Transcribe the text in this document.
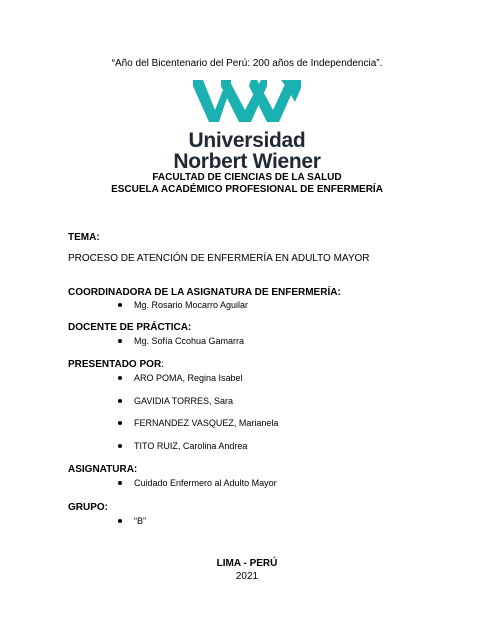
“Año del Bicentenario del Perú: 200 años de Independencia”.
Universidad
Norbert Wiener
FACULTAD DE CIENCIAS DE LA SALUD
ESCUELA ACADÉMICO PROFESIONAL DE ENFERMERÍA
TEMA:
PROCESO DE ATENCIÓN DE ENFERMERÍA EN ADULTO MAYOR
COORDINADORA DE LA ASIGNATURA DE ENFERMERÍA:
Mg. Rosario Mocarro Aguilar
DOCENTE DE PRÁCTICA:
Mg. Sofía Ccohua Gamarra
PRESENTADO POR:
ARO POMA, Regina Isabel
GAVIDIA TORRES, Sara
FERNANDEZ VASQUEZ, Marianela
TITO RUIZ, Carolina Andrea
ASIGNATURA:
Cuidado Enfermero al Adulto Mayor
GRUPO:
“B”
LIMA - PERÚ
2021
